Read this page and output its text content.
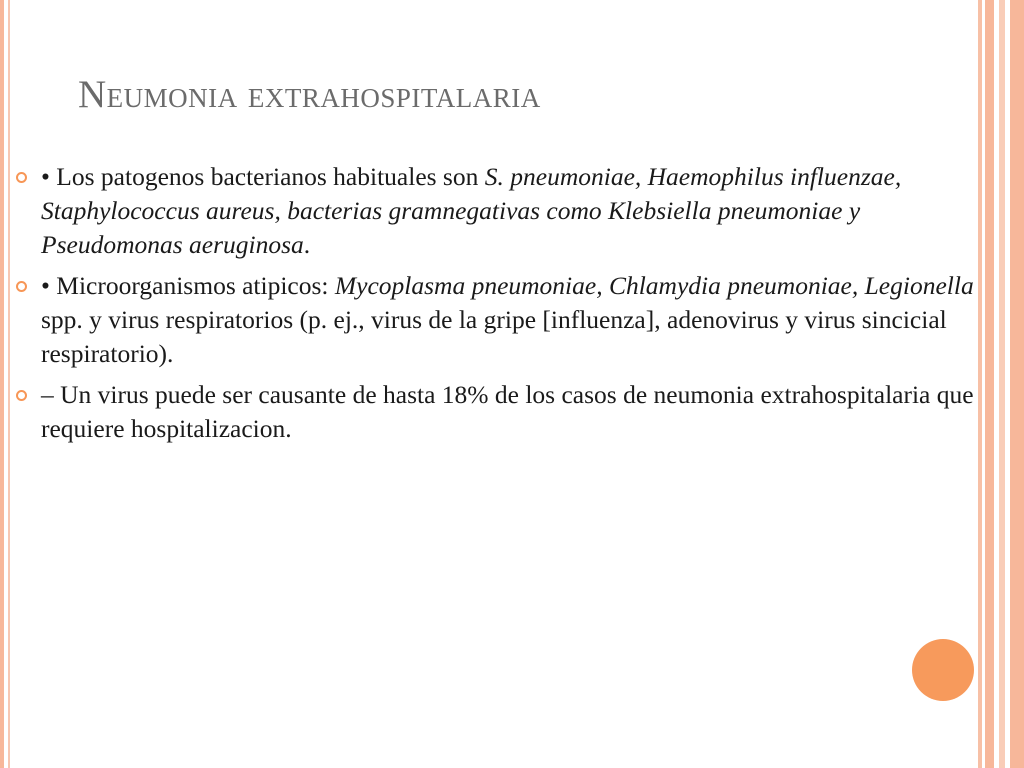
Neumonia extrahospitalaria
• Los patogenos bacterianos habituales son S. pneumoniae, Haemophilus influenzae, Staphylococcus aureus, bacterias gramnegativas como Klebsiella pneumoniae y Pseudomonas aeruginosa.
• Microorganismos atipicos: Mycoplasma pneumoniae, Chlamydia pneumoniae, Legionella spp. y virus respiratorios (p. ej., virus de la gripe [influenza], adenovirus y virus sincicial respiratorio).
– Un virus puede ser causante de hasta 18% de los casos de neumonia extrahospitalaria que requiere hospitalizacion.
